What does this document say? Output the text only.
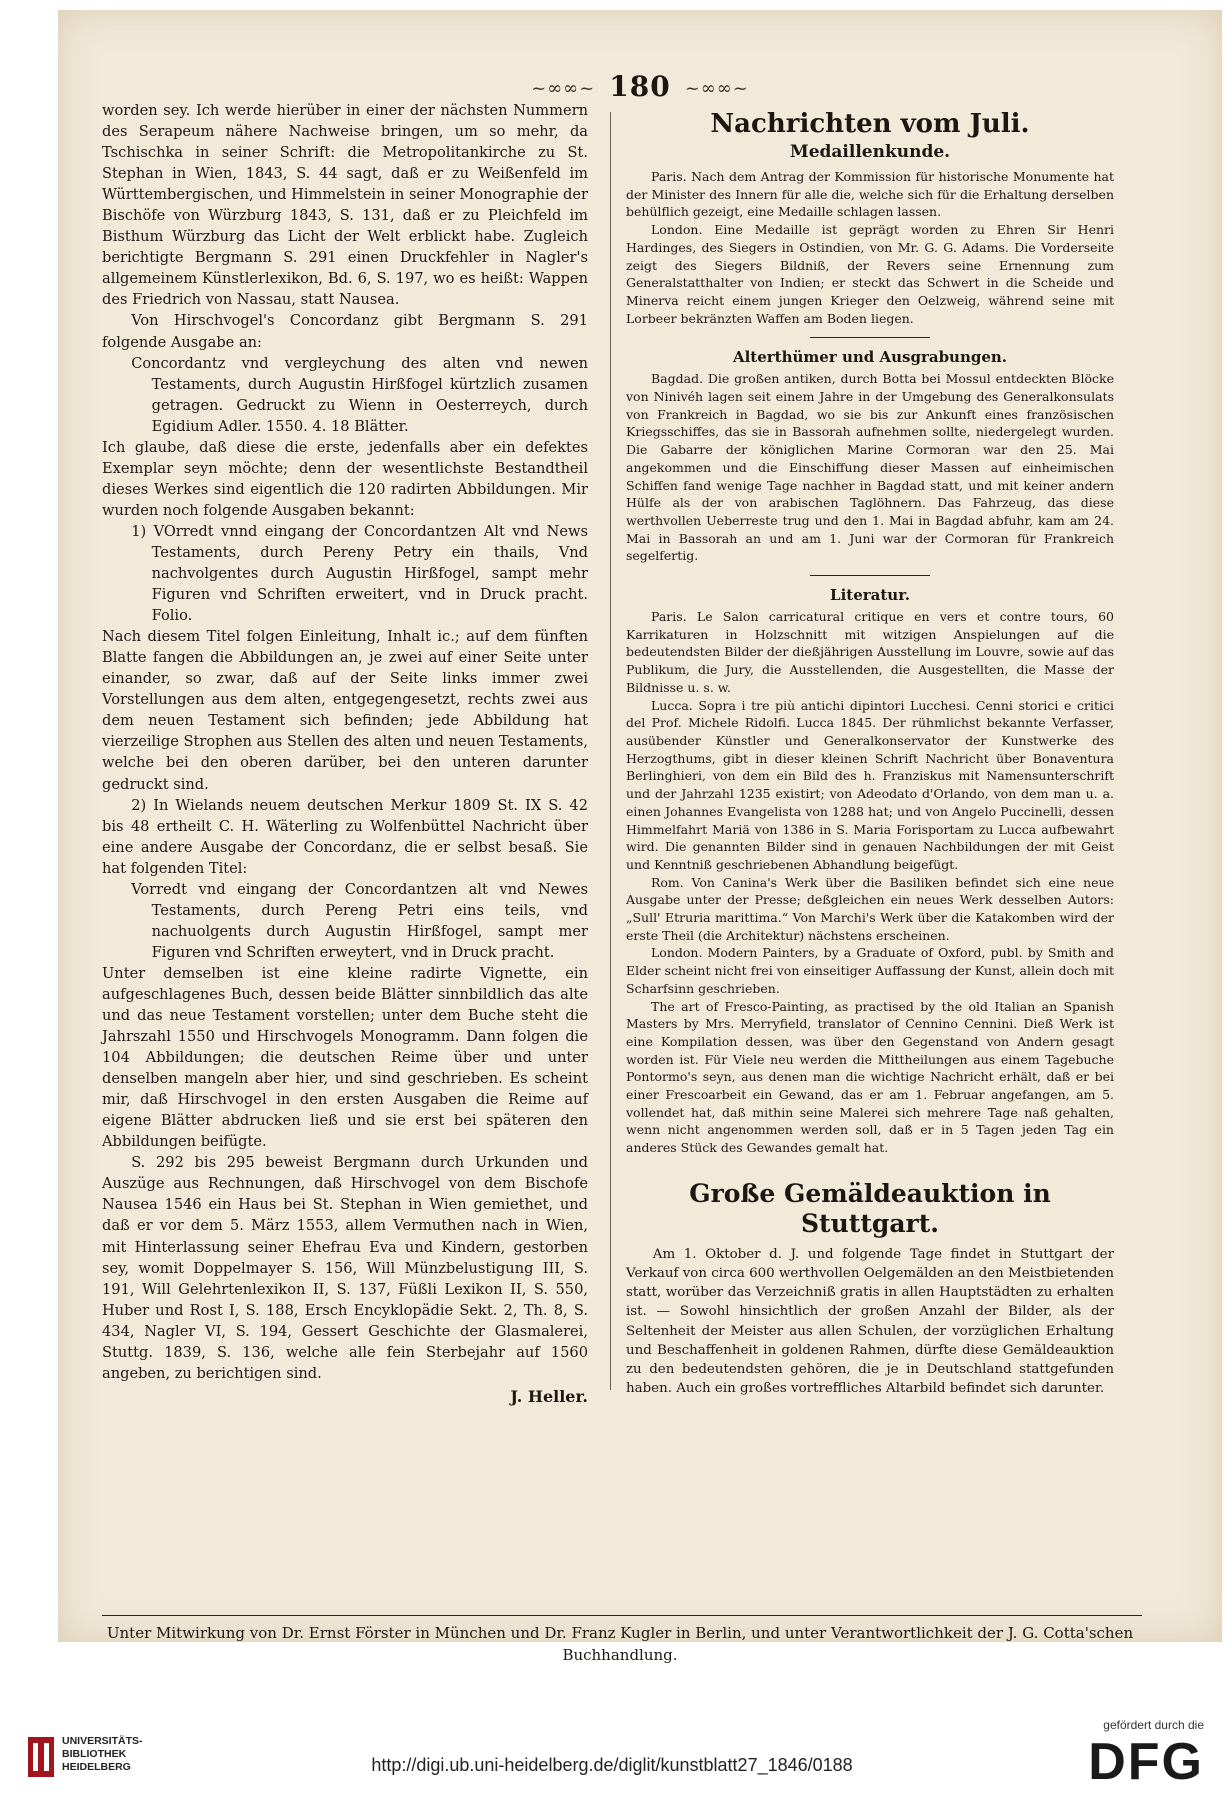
~∞∞~ 180 ~∞∞~

worden sey. Ich werde hierüber in einer der nächsten Nummern des Serapeum nähere Nachweise bringen, um so mehr, da Tschischka in seiner Schrift: die Metropolitankirche zu St. Stephan in Wien, 1843, S. 44 sagt, daß er zu Weißenfeld im Württembergischen, und Himmelstein in seiner Monographie der Bischöfe von Würzburg 1843, S. 131, daß er zu Pleichfeld im Bisthum Würzburg das Licht der Welt erblickt habe. Zugleich berichtigte Bergmann S. 291 einen Druckfehler in Nagler's allgemeinem Künstlerlexikon, Bd. 6, S. 197, wo es heißt: Wappen des Friedrich von Nassau, statt Nausea.

Von Hirschvogel's Concordanz gibt Bergmann S. 291 folgende Ausgabe an:

Concordantz vnd vergleychung des alten vnd newen Testaments, durch Augustin Hirßfogel kürtzlich zusamen getragen. Gedruckt zu Wienn in Oesterreych, durch Egidium Adler. 1550. 4. 18 Blätter.

Ich glaube, daß diese die erste, jedenfalls aber ein defektes Exemplar seyn möchte; denn der wesentlichste Bestandtheil dieses Werkes sind eigentlich die 120 radirten Abbildungen. Mir wurden noch folgende Ausgaben bekannt:

1) VOrredt vnnd eingang der Concordantzen Alt vnd News Testaments, durch Pereny Petry ein thails, Vnd nachvolgentes durch Augustin Hirßfogel, sampt mehr Figuren vnd Schriften erweitert, vnd in Druck pracht. Folio.

Nach diesem Titel folgen Einleitung, Inhalt ic.; auf dem fünften Blatte fangen die Abbildungen an, je zwei auf einer Seite unter einander, so zwar, daß auf der Seite links immer zwei Vorstellungen aus dem alten, entgegengesetzt, rechts zwei aus dem neuen Testament sich befinden; jede Abbildung hat vierzeilige Strophen aus Stellen des alten und neuen Testaments, welche bei den oberen darüber, bei den unteren darunter gedruckt sind.

2) In Wielands neuem deutschen Merkur 1809 St. IX S. 42 bis 48 ertheilt C. H. Wäterling zu Wolfenbüttel Nachricht über eine andere Ausgabe der Concordanz, die er selbst besaß. Sie hat folgenden Titel:

Vorredt vnd eingang der Concordantzen alt vnd Newes Testaments, durch Pereng Petri eins teils, vnd nachuolgents durch Augustin Hirßfogel, sampt mer Figuren vnd Schriften erweytert, vnd in Druck pracht.

Unter demselben ist eine kleine radirte Vignette, ein aufgeschlagenes Buch, dessen beide Blätter sinnbildlich das alte und das neue Testament vorstellen; unter dem Buche steht die Jahrszahl 1550 und Hirschvogels Monogramm. Dann folgen die 104 Abbildungen; die deutschen Reime über und unter denselben mangeln aber hier, und sind geschrieben. Es scheint mir, daß Hirschvogel in den ersten Ausgaben die Reime auf eigene Blätter abdrucken ließ und sie erst bei späteren den Abbildungen beifügte.

S. 292 bis 295 beweist Bergmann durch Urkunden und Auszüge aus Rechnungen, daß Hirschvogel von dem Bischofe Nausea 1546 ein Haus bei St. Stephan in Wien gemiethet, und daß er vor dem 5. März 1553, allem Vermuthen nach in Wien, mit Hinterlassung seiner Ehefrau Eva und Kindern, gestorben sey, womit Doppelmayer S. 156, Will Münzbelustigung III, S. 191, Will Gelehrtenlexikon II, S. 137, Füßli Lexikon II, S. 550, Huber und Rost I, S. 188, Ersch Encyklopädie Sekt. 2, Th. 8, S. 434, Nagler VI, S. 194, Gessert Geschichte der Glasmalerei, Stuttg. 1839, S. 136, welche alle fein Sterbejahr auf 1560 angeben, zu berichtigen sind.

J. Heller.

Nachrichten vom Juli.
Medaillenkunde.

Paris. Nach dem Antrag der Kommission für historische Monumente hat der Minister des Innern für alle die, welche sich für die Erhaltung derselben behülflich gezeigt, eine Medaille schlagen lassen.

London. Eine Medaille ist geprägt worden zu Ehren Sir Henri Hardinges, des Siegers in Ostindien, von Mr. G. G. Adams. Die Vorderseite zeigt des Siegers Bildniß, der Revers seine Ernennung zum Generalstatthalter von Indien; er steckt das Schwert in die Scheide und Minerva reicht einem jungen Krieger den Oelzweig, während seine mit Lorbeer bekränzten Waffen am Boden liegen.

Alterthümer und Ausgrabungen.

Bagdad. Die großen antiken, durch Botta bei Mossul entdeckten Blöcke von Ninivéh lagen seit einem Jahre in der Umgebung des Generalkonsulats von Frankreich in Bagdad, wo sie bis zur Ankunft eines französischen Kriegsschiffes, das sie in Bassorah aufnehmen sollte, niedergelegt wurden. Die Gabarre der königlichen Marine Cormoran war den 25. Mai angekommen und die Einschiffung dieser Massen auf einheimischen Schiffen fand wenige Tage nachher in Bagdad statt, und mit keiner andern Hülfe als der von arabischen Taglöhnern. Das Fahrzeug, das diese werthvollen Ueberreste trug und den 1. Mai in Bagdad abfuhr, kam am 24. Mai in Bassorah an und am 1. Juni war der Cormoran für Frankreich segelfertig.

Literatur.

Paris. Le Salon carricatural critique en vers et contre tours, 60 Karrikaturen in Holzschnitt mit witzigen Anspielungen auf die bedeutendsten Bilder der dießjährigen Ausstellung im Louvre, sowie auf das Publikum, die Jury, die Ausstellenden, die Ausgestellten, die Masse der Bildnisse u. s. w.

Lucca. Sopra i tre più antichi dipintori Lucchesi. Cenni storici e critici del Prof. Michele Ridolfi. Lucca 1845. Der rühmlichst bekannte Verfasser, ausübender Künstler und Generalkonservator der Kunstwerke des Herzogthums, gibt in dieser kleinen Schrift Nachricht über Bonaventura Berlinghieri, von dem ein Bild des h. Franziskus mit Namensunterschrift und der Jahrzahl 1235 existirt; von Adeodato d'Orlando, von dem man u. a. einen Johannes Evangelista von 1288 hat; und von Angelo Puccinelli, dessen Himmelfahrt Mariä von 1386 in S. Maria Forisportam zu Lucca aufbewahrt wird. Die genannten Bilder sind in genauen Nachbildungen der mit Geist und Kenntniß geschriebenen Abhandlung beigefügt.

Rom. Von Canina's Werk über die Basiliken befindet sich eine neue Ausgabe unter der Presse; deßgleichen ein neues Werk desselben Autors: „Sull' Etruria marittima.“ Von Marchi's Werk über die Katakomben wird der erste Theil (die Architektur) nächstens erscheinen.

London. Modern Painters, by a Graduate of Oxford, publ. by Smith and Elder scheint nicht frei von einseitiger Auffassung der Kunst, allein doch mit Scharfsinn geschrieben.

The art of Fresco-Painting, as practised by the old Italian an Spanish Masters by Mrs. Merryfield, translator of Cennino Cennini. Dieß Werk ist eine Kompilation dessen, was über den Gegenstand von Andern gesagt worden ist. Für Viele neu werden die Mittheilungen aus einem Tagebuche Pontormo's seyn, aus denen man die wichtige Nachricht erhält, daß er bei einer Frescoarbeit ein Gewand, das er am 1. Februar angefangen, am 5. vollendet hat, daß mithin seine Malerei sich mehrere Tage naß gehalten, wenn nicht angenommen werden soll, daß er in 5 Tagen jeden Tag ein anderes Stück des Gewandes gemalt hat.

Große Gemäldeauktion in Stuttgart.

Am 1. Oktober d. J. und folgende Tage findet in Stuttgart der Verkauf von circa 600 werthvollen Oelgemälden an den Meistbietenden statt, worüber das Verzeichniß gratis in allen Hauptstädten zu erhalten ist. — Sowohl hinsichtlich der großen Anzahl der Bilder, als der Seltenheit der Meister aus allen Schulen, der vorzüglichen Erhaltung und Beschaffenheit in goldenen Rahmen, dürfte diese Gemäldeauktion zu den bedeutendsten gehören, die je in Deutschland stattgefunden haben. Auch ein großes vortreffliches Altarbild befindet sich darunter.

Unter Mitwirkung von Dr. Ernst Förster in München und Dr. Franz Kugler in Berlin, und unter Verantwortlichkeit der J. G. Cotta'schen Buchhandlung.
UNIVERSITÄTS-
BIBLIOTHEK
HEIDELBERG	http://digi.ub.uni-heidelberg.de/diglit/kunstblatt27_1846/0188
gefördert durch die
DFG
